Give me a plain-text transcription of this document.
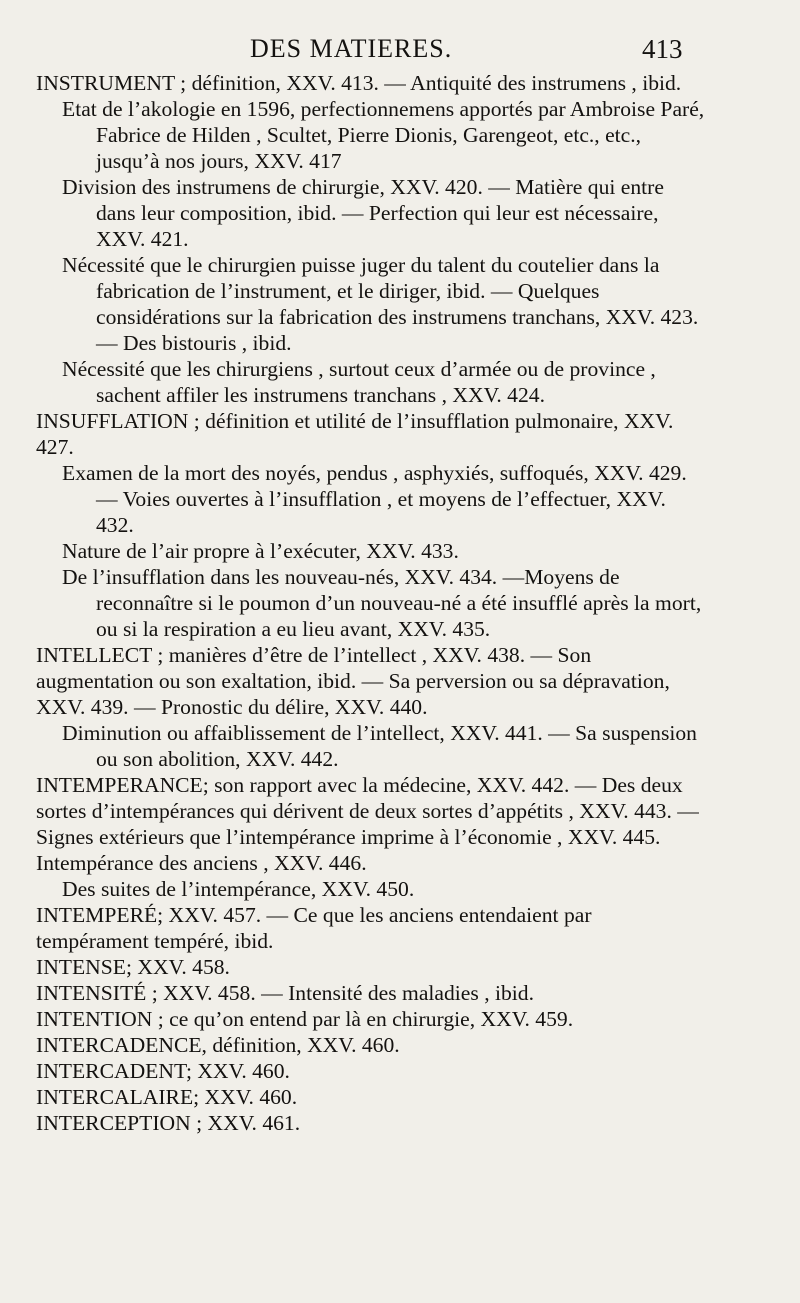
DES MATIERES.	413
INSTRUMENT ; définition, XXV. 413. — Antiquité des instrumens , ibid.
Etat de l’akologie en 1596, perfectionnemens apportés par Ambroise Paré, Fabrice de Hilden , Scultet, Pierre Dionis, Garengeot, etc., etc., jusqu’à nos jours, XXV. 417
Division des instrumens de chirurgie, XXV. 420. — Matière qui entre dans leur composition, ibid. — Perfection qui leur est nécessaire, XXV. 421.
Nécessité que le chirurgien puisse juger du talent du coutelier dans la fabrication de l’instrument, et le diriger, ibid. — Quelques considérations sur la fabrication des instrumens tranchans, XXV. 423. — Des bistouris , ibid.
Nécessité que les chirurgiens , surtout ceux d’armée ou de province , sachent affiler les instrumens tranchans , XXV. 424.
INSUFFLATION ; définition et utilité de l’insufflation pulmonaire, XXV. 427.
Examen de la mort des noyés, pendus , asphyxiés, suffoqués, XXV. 429. — Voies ouvertes à l’insufflation , et moyens de l’effectuer, XXV. 432.
Nature de l’air propre à l’exécuter, XXV. 433.
De l’insufflation dans les nouveau-nés, XXV. 434. —Moyens de reconnaître si le poumon d’un nouveau-né a été insufflé après la mort, ou si la respiration a eu lieu avant, XXV. 435.
INTELLECT ; manières d’être de l’intellect , XXV. 438. — Son augmentation ou son exaltation, ibid. — Sa perversion ou sa dépravation, XXV. 439. — Pronostic du délire, XXV. 440.
Diminution ou affaiblissement de l’intellect, XXV. 441. — Sa suspension ou son abolition, XXV. 442.
INTEMPERANCE; son rapport avec la médecine, XXV. 442. — Des deux sortes d’intempérances qui dérivent de deux sortes d’appétits , XXV. 443. — Signes extérieurs que l’intempérance imprime à l’économie , XXV. 445.
Intempérance des anciens , XXV. 446.
Des suites de l’intempérance, XXV. 450.
INTEMPERÉ; XXV. 457. — Ce que les anciens entendaient par tempérament tempéré, ibid.
INTENSE; XXV. 458.
INTENSITÉ ; XXV. 458. — Intensité des maladies , ibid.
INTENTION ; ce qu’on entend par là en chirurgie, XXV. 459.
INTERCADENCE, définition, XXV. 460.
INTERCADENT; XXV. 460.
INTERCALAIRE; XXV. 460.
INTERCEPTION ; XXV. 461.
